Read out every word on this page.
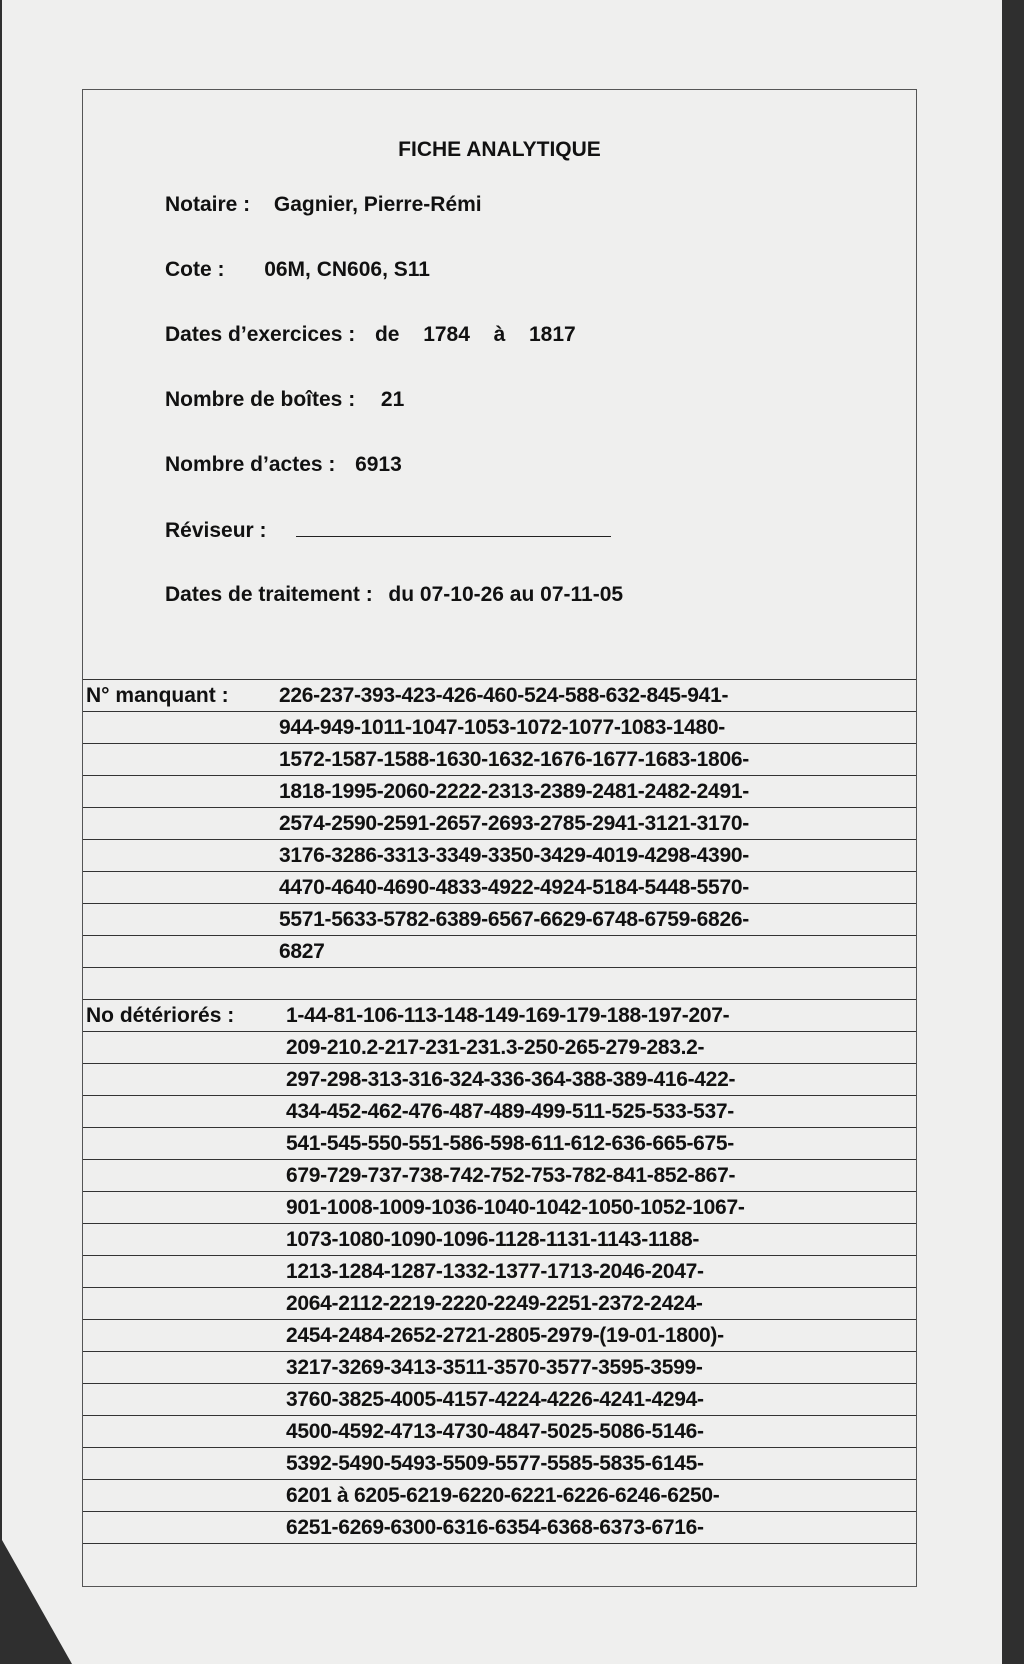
FICHE ANALYTIQUE
Notaire : Gagnier, Pierre-Rémi
Cote : 06M, CN606, S11
Dates d’exercices : de 1784 à 1817
Nombre de boîtes : 21
Nombre d’actes : 6913
Réviseur :
Dates de traitement : du 07-10-26 au 07-11-05
N° manquant : 226-237-393-423-426-460-524-588-632-845-941-
944-949-1011-1047-1053-1072-1077-1083-1480-
1572-1587-1588-1630-1632-1676-1677-1683-1806-
1818-1995-2060-2222-2313-2389-2481-2482-2491-
2574-2590-2591-2657-2693-2785-2941-3121-3170-
3176-3286-3313-3349-3350-3429-4019-4298-4390-
4470-4640-4690-4833-4922-4924-5184-5448-5570-
5571-5633-5782-6389-6567-6629-6748-6759-6826-
6827
No détériorés : 1-44-81-106-113-148-149-169-179-188-197-207-
209-210.2-217-231-231.3-250-265-279-283.2-
297-298-313-316-324-336-364-388-389-416-422-
434-452-462-476-487-489-499-511-525-533-537-
541-545-550-551-586-598-611-612-636-665-675-
679-729-737-738-742-752-753-782-841-852-867-
901-1008-1009-1036-1040-1042-1050-1052-1067-
1073-1080-1090-1096-1128-1131-1143-1188-
1213-1284-1287-1332-1377-1713-2046-2047-
2064-2112-2219-2220-2249-2251-2372-2424-
2454-2484-2652-2721-2805-2979-(19-01-1800)-
3217-3269-3413-3511-3570-3577-3595-3599-
3760-3825-4005-4157-4224-4226-4241-4294-
4500-4592-4713-4730-4847-5025-5086-5146-
5392-5490-5493-5509-5577-5585-5835-6145-
6201 à 6205-6219-6220-6221-6226-6246-6250-
6251-6269-6300-6316-6354-6368-6373-6716-
